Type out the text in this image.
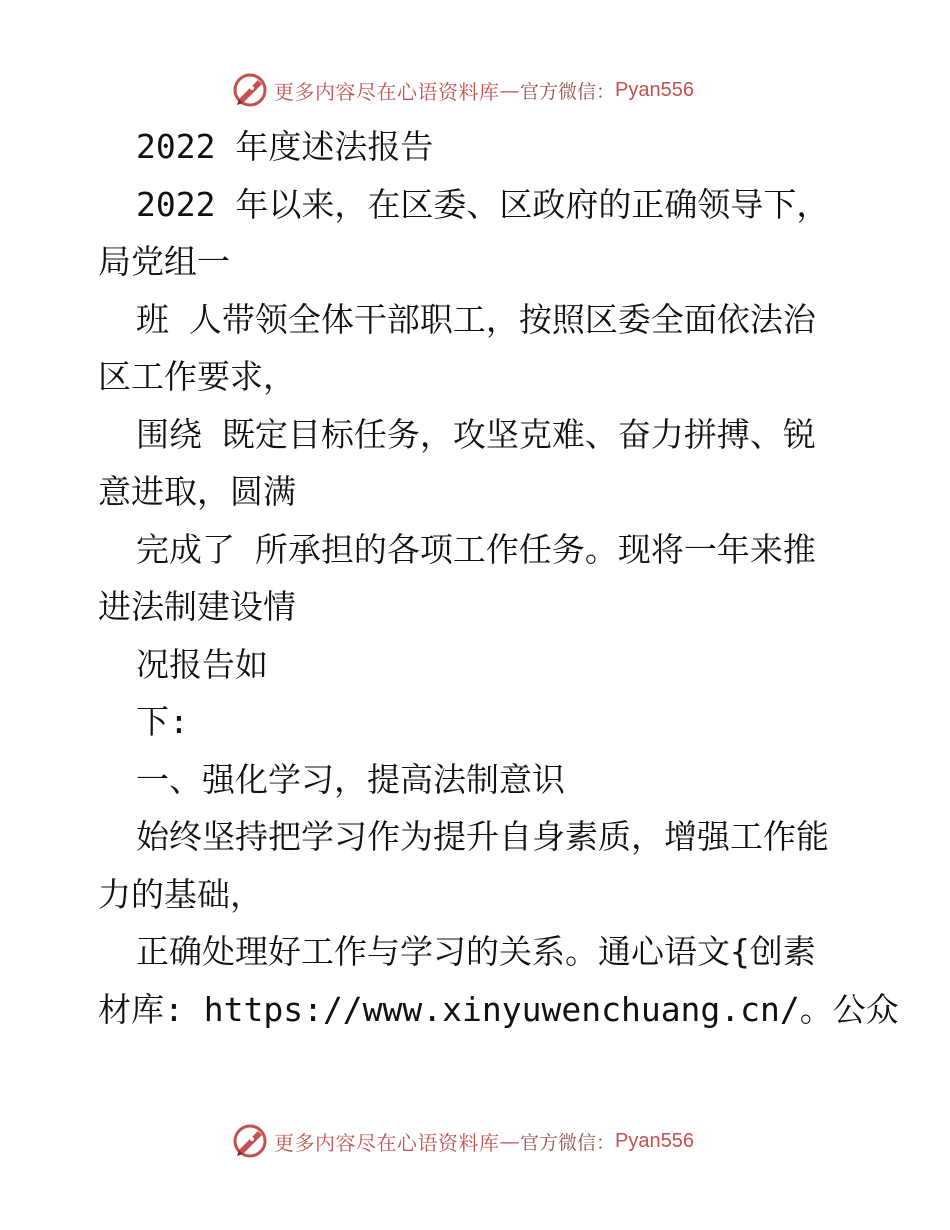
更多内容尽在心语资料库 — 官方微信： Pyan556
2022 年度述法报告
2022 年以来，在区委、区政府的正确领导下，
局党组一
班 人带领全体干部职工，按照区委全面依法治
区工作要求，
围绕 既定目标任务，攻坚克难、奋力拼搏、锐
意进取，圆满
完成了 所承担的各项工作任务。现将一年来推
进法制建设情
况报告如
下:
一、强化学习，提高法制意识
始终坚持把学习作为提升自身素质，增强工作能
力的基础，
正确处理好工作与学习的关系。通心语文{创素
材库: https://www.xinyuwenchuang.cn/。公众
更多内容尽在心语资料库 — 官方微信： Pyan556
